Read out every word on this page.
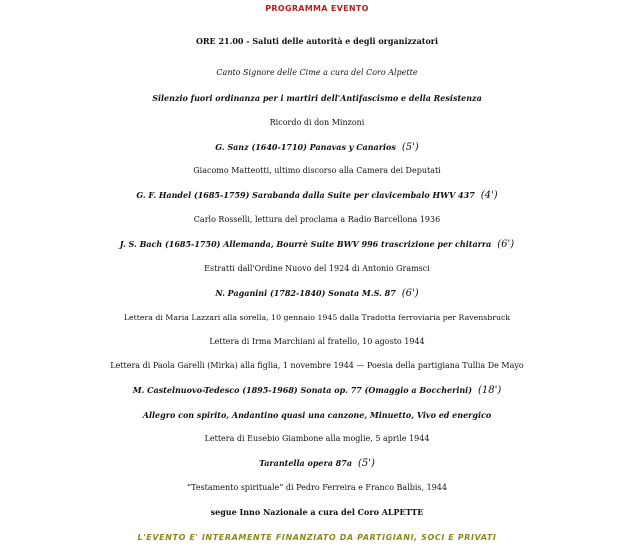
PROGRAMMA EVENTO
ORE 21.00 - Saluti delle autorità e degli organizzatori
Canto Signore delle Cime a cura del Coro Alpette
Silenzio fuori ordinanza per i martiri dell'Antifascismo e della Resistenza
Ricordo di don Minzoni
G. Sanz (1640-1710) Panavas y Canarios (5')
Giacomo Matteotti, ultimo discorso alla Camera dei Deputati
G. F. Handel (1685-1759) Sarabanda dalla Suite per clavicembalo HWV 437 (4')
Carlo Rosselli, lettura del proclama a Radio Barcellona 1936
J. S. Bach (1685-1750) Allemanda, Bourrè Suite BWV 996 trascrizione per chitarra (6')
Estratti dall'Ordine Nuovo del 1924 di Antonio Gramsci
N. Paganini (1782-1840) Sonata M.S. 87 (6')
Lettera di Maria Lazzari alla sorella, 10 gennaio 1945 dalla Tradotta ferroviaria per Ravensbruck
Lettera di Irma Marchiani al fratello, 10 agosto 1944
Lettera di Paola Garelli (Mirka) alla figlia, 1 novembre 1944 — Poesia della partigiana Tullia De Mayo
M. Castelnuovo-Tedesco (1895-1968) Sonata op. 77 (Omaggio a Boccherini) (18')
Allegro con spirito, Andantino quasi una canzone, Minuetto, Vivo ed energico
Lettera di Eusebio Giambone alla moglie, 5 aprile 1944
Tarantella opera 87a (5')
“Testamento spirituale” di Pedro Ferreira e Franco Balbis, 1944
segue Inno Nazionale a cura del Coro ALPETTE
L'EVENTO E' INTERAMENTE FINANZIATO DA PARTIGIANI, SOCI E PRIVATI
